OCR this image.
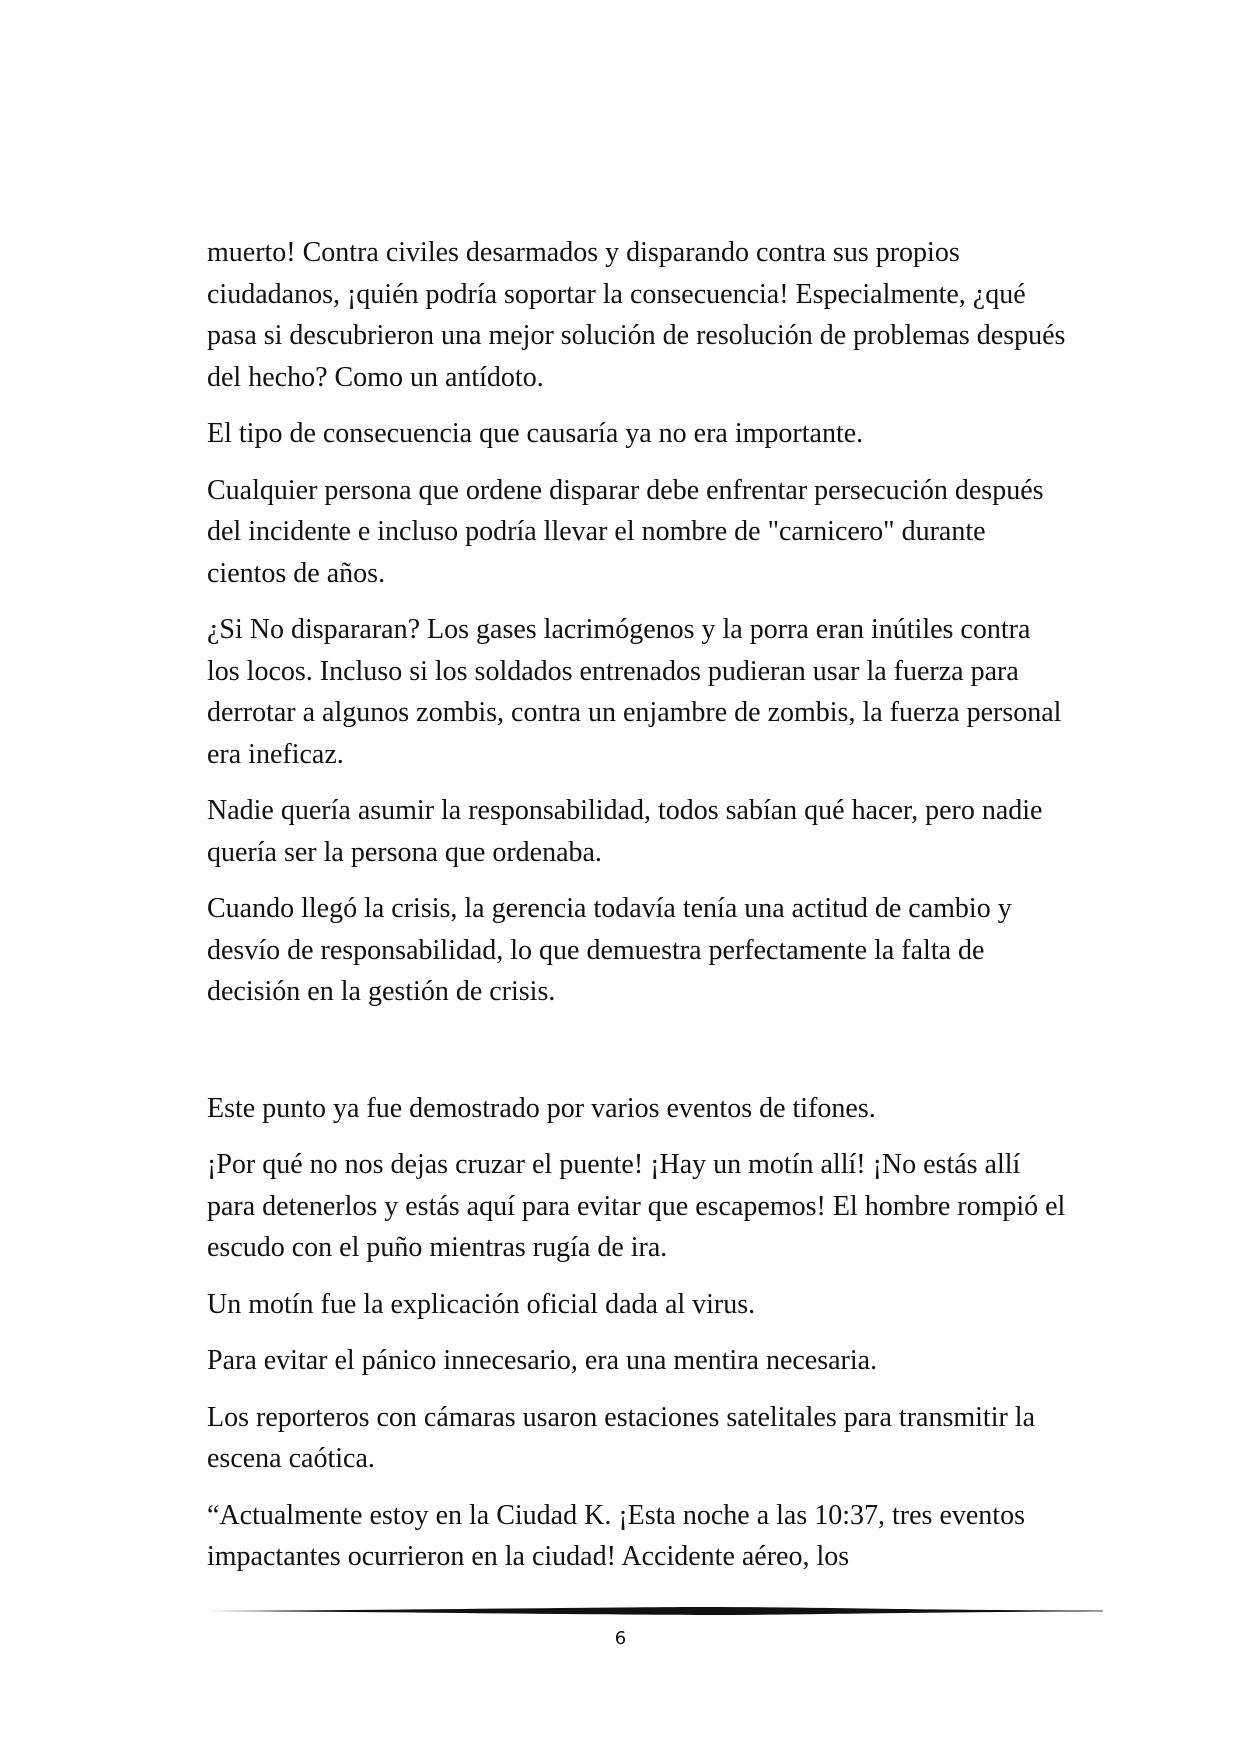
muerto! Contra civiles desarmados y disparando contra sus propios ciudadanos, ¡quién podría soportar la consecuencia! Especialmente, ¿qué pasa si descubrieron una mejor solución de resolución de problemas después del hecho? Como un antídoto.

El tipo de consecuencia que causaría ya no era importante.

Cualquier persona que ordene disparar debe enfrentar persecución después del incidente e incluso podría llevar el nombre de "carnicero" durante cientos de años.

¿Si No dispararan? Los gases lacrimógenos y la porra eran inútiles contra los locos. Incluso si los soldados entrenados pudieran usar la fuerza para derrotar a algunos zombis, contra un enjambre de zombis, la fuerza personal era ineficaz.

Nadie quería asumir la responsabilidad, todos sabían qué hacer, pero nadie quería ser la persona que ordenaba.

Cuando llegó la crisis, la gerencia todavía tenía una actitud de cambio y desvío de responsabilidad, lo que demuestra perfectamente la falta de decisión en la gestión de crisis.

Este punto ya fue demostrado por varios eventos de tifones.

¡Por qué no nos dejas cruzar el puente! ¡Hay un motín allí! ¡No estás allí para detenerlos y estás aquí para evitar que escapemos! El hombre rompió el escudo con el puño mientras rugía de ira.

Un motín fue la explicación oficial dada al virus.

Para evitar el pánico innecesario, era una mentira necesaria.

Los reporteros con cámaras usaron estaciones satelitales para transmitir la escena caótica.

“Actualmente estoy en la Ciudad K. ¡Esta noche a las 10:37, tres eventos impactantes ocurrieron en la ciudad! Accidente aéreo, los

6
